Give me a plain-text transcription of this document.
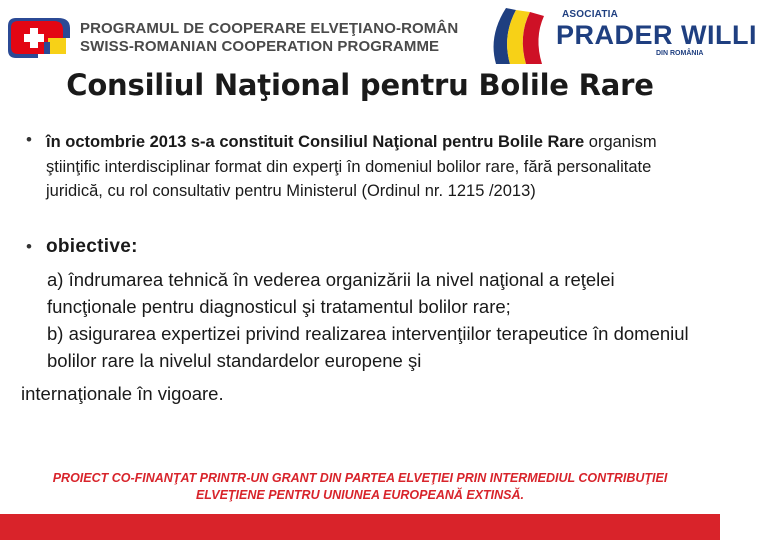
PROGRAMUL DE COOPERARE ELVEŢIANO-ROMÂN
SWISS-ROMANIAN COOPERATION PROGRAMME
ASOCIATIA
PRADER WILLI
DIN ROMÂNIA
Consiliul Naţional pentru Bolile Rare
• în octombrie 2013 s-a constituit Consiliul Naţional pentru Bolile Rare organism ştiinţific interdisciplinar format din experţi în domeniul bolilor rare, fără personalitate juridică, cu rol consultativ pentru Ministerul (Ordinul nr. 1215 /2013)

• obiective:

a) îndrumarea tehnică în vederea organizării la nivel naţional a reţelei funcţionale pentru diagnosticul şi tratamentul bolilor rare;

b) asigurarea expertizei privind realizarea intervenţiilor terapeutice în domeniul bolilor rare la nivelul standardelor europene şi

internaţionale în vigoare.

PROIECT CO-FINANŢAT PRINTR-UN GRANT DIN PARTEA ELVEŢIEI PRIN INTERMEDIUL CONTRIBUŢIEI
ELVEŢIENE PENTRU UNIUNEA EUROPEANĂ EXTINSĂ.
